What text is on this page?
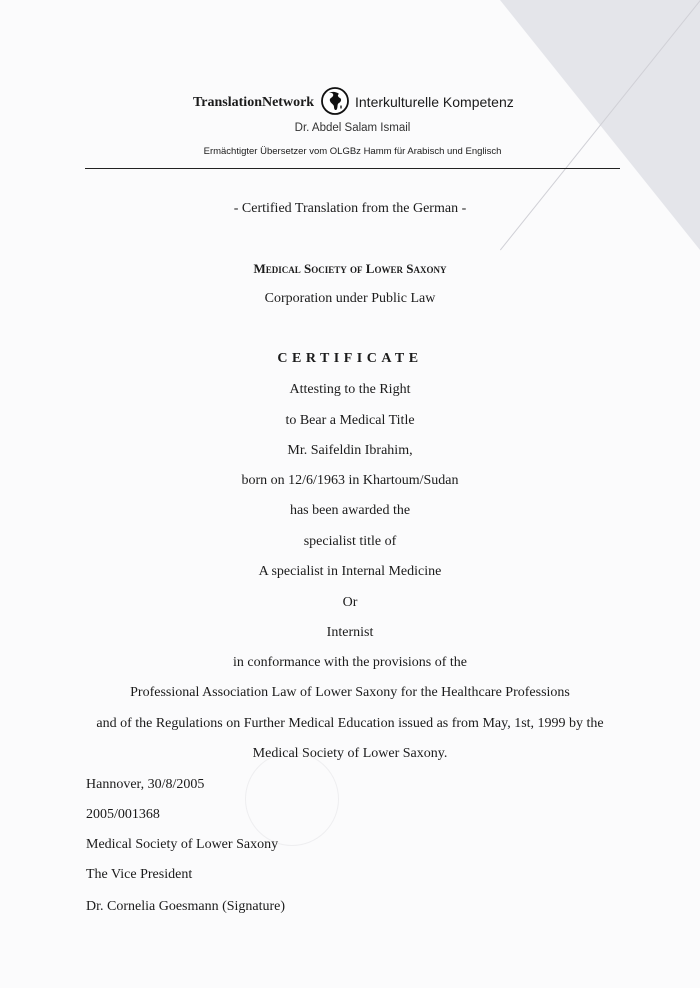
TranslationNetwork	Interkulturelle Kompetenz
Dr. Abdel Salam Ismail
Ermächtigter Übersetzer vom OLGBz Hamm für Arabisch und Englisch
- Certified Translation from the German -
Medical Society of Lower Saxony
Corporation under Public Law
CERTIFICATE
Attesting to the Right
to Bear a Medical Title
Mr. Saifeldin Ibrahim,
born on 12/6/1963 in Khartoum/Sudan
has been awarded the
specialist title of
A specialist in Internal Medicine
Or
Internist
in conformance with the provisions of the
Professional Association Law of Lower Saxony for the Healthcare Professions
and of the Regulations on Further Medical Education issued as from May, 1st, 1999 by the
Medical Society of Lower Saxony.
Hannover, 30/8/2005
2005/001368
Medical Society of Lower Saxony
The Vice President
Dr. Cornelia Goesmann (Signature)
